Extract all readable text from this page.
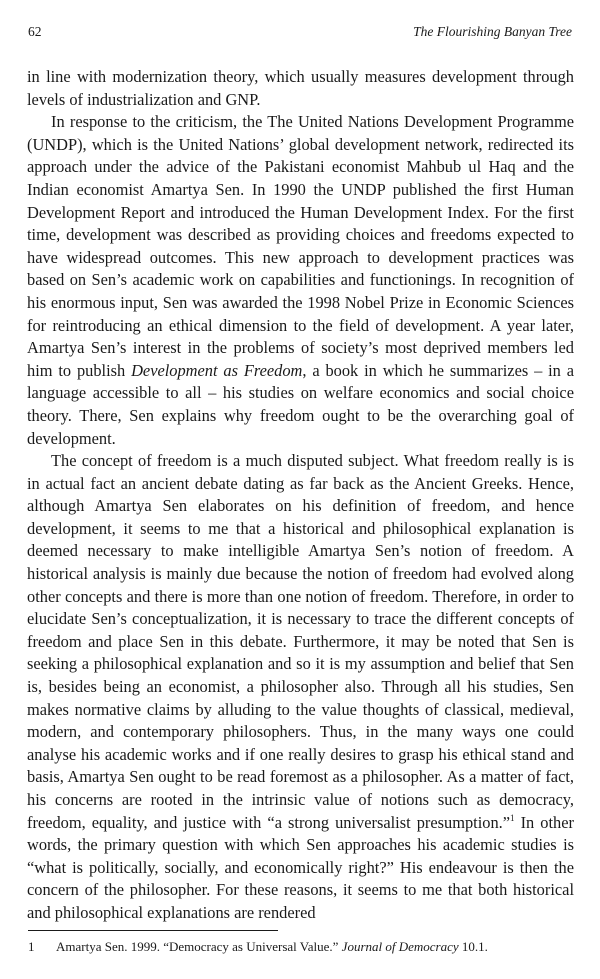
62	The Flourishing Banyan Tree

in line with modernization theory, which usually measures development through levels of industrialization and GNP.

In response to the criticism, the The United Nations Development Programme (UNDP), which is the United Nations’ global development network, redirected its approach under the advice of the Pakistani economist Mahbub ul Haq and the Indian economist Amartya Sen. In 1990 the UNDP published the first Human Development Report and introduced the Human Development Index. For the first time, development was described as providing choices and freedoms expected to have widespread outcomes. This new approach to development practices was based on Sen’s academic work on capabilities and functionings. In recognition of his enormous input, Sen was awarded the 1998 Nobel Prize in Economic Sciences for reintroducing an ethical dimension to the field of development. A year later, Amartya Sen’s interest in the problems of society’s most deprived members led him to publish Development as Freedom, a book in which he summarizes – in a language accessible to all – his studies on welfare economics and social choice theory. There, Sen explains why freedom ought to be the overarching goal of development.

The concept of freedom is a much disputed subject. What freedom really is is in actual fact an ancient debate dating as far back as the Ancient Greeks. Hence, although Amartya Sen elaborates on his definition of freedom, and hence development, it seems to me that a historical and philosophical explanation is deemed necessary to make intelligible Amartya Sen’s notion of freedom. A historical analysis is mainly due because the notion of freedom had evolved along other concepts and there is more than one notion of freedom. Therefore, in order to elucidate Sen’s conceptualization, it is necessary to trace the different concepts of freedom and place Sen in this debate. Furthermore, it may be noted that Sen is seeking a philosophical explanation and so it is my assumption and belief that Sen is, besides being an economist, a philosopher also. Through all his studies, Sen makes normative claims by alluding to the value thoughts of classical, medieval, modern, and contemporary philosophers. Thus, in the many ways one could analyse his academic works and if one really desires to grasp his ethical stand and basis, Amartya Sen ought to be read foremost as a philosopher. As a matter of fact, his concerns are rooted in the intrinsic value of notions such as democracy, freedom, equality, and justice with “a strong universalist presumption.”$^1$ In other words, the primary question with which Sen approaches his academic studies is “what is politically, socially, and economically right?” His endeavour is then the concern of the philosopher. For these reasons, it seems to me that both historical and philosophical explanations are rendered

1	Amartya Sen. 1999. “Democracy as Universal Value.” Journal of Democracy 10.1.
